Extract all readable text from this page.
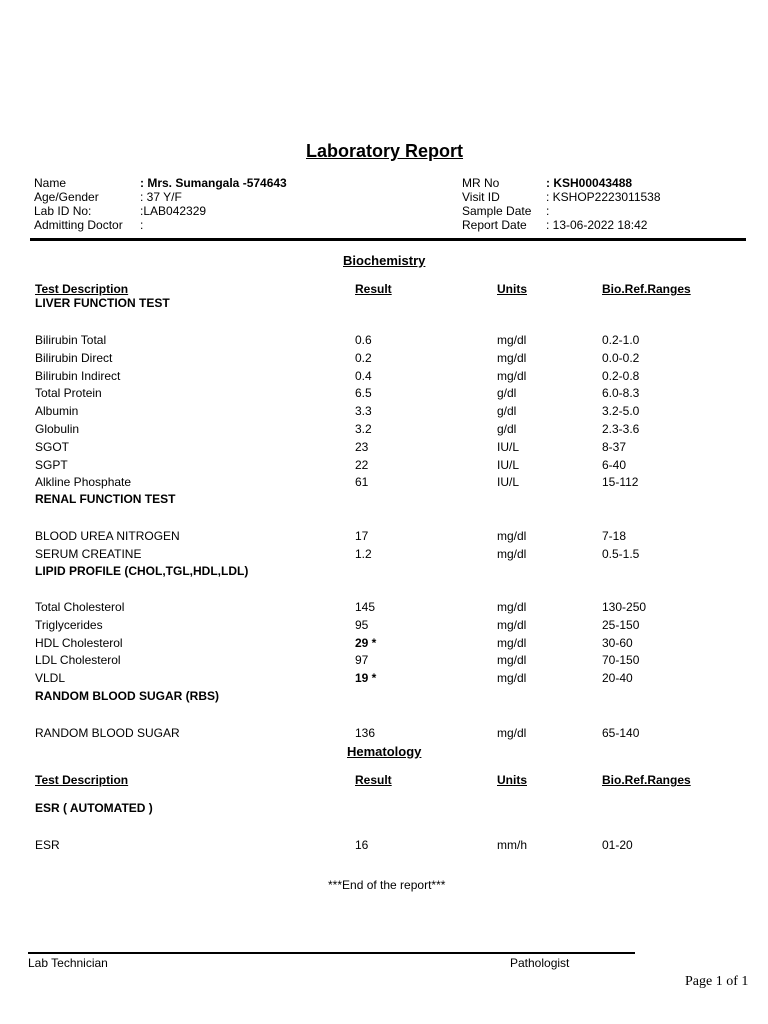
Laboratory Report
Name	: Mrs. Sumangala -574643
Age/Gender	: 37 Y/F
Lab ID No:	:LAB042329
Admitting Doctor :
MR No	: KSH00043488
Visit ID	: KSHOP2223011538
Sample Date :
Report Date : 13-06-2022 18:42
Biochemistry
Test Description	Result	Units	Bio.Ref.Ranges
LIVER FUNCTION TEST
Bilirubin Total	0.6	mg/dl	0.2-1.0
Bilirubin Direct	0.2	mg/dl	0.0-0.2
Bilirubin Indirect	0.4	mg/dl	0.2-0.8
Total Protein	6.5	g/dl	6.0-8.3
Albumin	3.3	g/dl	3.2-5.0
Globulin	3.2	g/dl	2.3-3.6
SGOT	23	IU/L	8-37
SGPT	22	IU/L	6-40
Alkline Phosphate	61	IU/L	15-112
RENAL FUNCTION TEST
BLOOD UREA NITROGEN	17	mg/dl	7-18
SERUM CREATINE	1.2	mg/dl	0.5-1.5
LIPID PROFILE (CHOL,TGL,HDL,LDL)
Total Cholesterol	145	mg/dl	130-250
Triglycerides	95	mg/dl	25-150
HDL Cholesterol	29 *	mg/dl	30-60
LDL Cholesterol	97	mg/dl	70-150
VLDL	19 *	mg/dl	20-40
RANDOM BLOOD SUGAR (RBS)
RANDOM BLOOD SUGAR	136	mg/dl	65-140
Hematology
Test Description	Result	Units	Bio.Ref.Ranges
ESR ( AUTOMATED )
ESR	16	mm/h	01-20
***End of the report***
Lab Technician	Pathologist
Page 1 of 1
